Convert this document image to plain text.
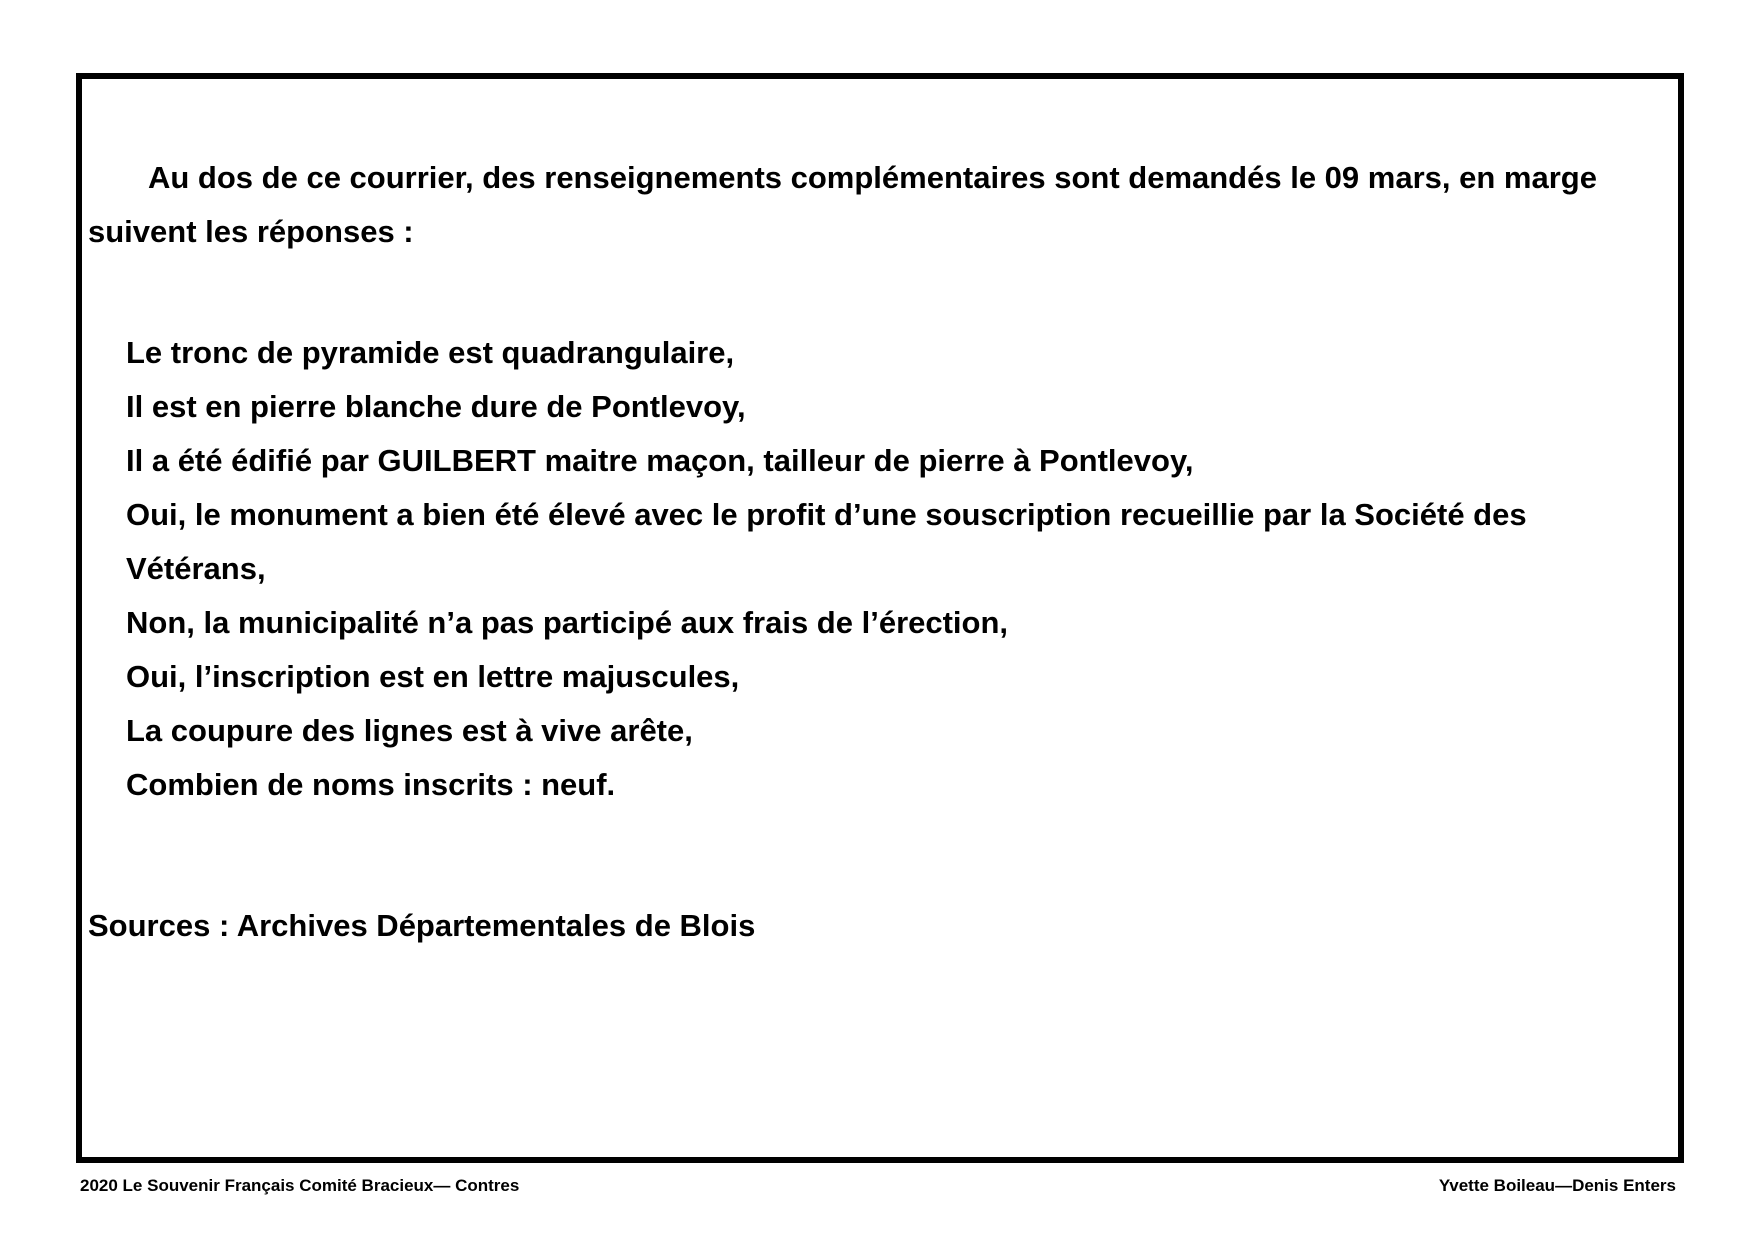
Au dos de ce courrier, des renseignements complémentaires sont demandés le 09 mars, en marge

suivent les réponses :

Le tronc de pyramide est quadrangulaire,

Il est en pierre blanche dure de Pontlevoy,

Il a été édifié par GUILBERT maitre maçon, tailleur de pierre à Pontlevoy,

Oui, le monument a bien été élevé avec le profit d’une souscription recueillie par la Société des

Vétérans,

Non, la municipalité n’a pas participé aux frais de l’érection,

Oui, l’inscription est en lettre majuscules,

La coupure des lignes est à vive arête,

Combien de noms inscrits : neuf.

Sources : Archives Départementales de Blois

2020 Le Souvenir Français Comité Bracieux— Contres	Yvette Boileau—Denis Enters
